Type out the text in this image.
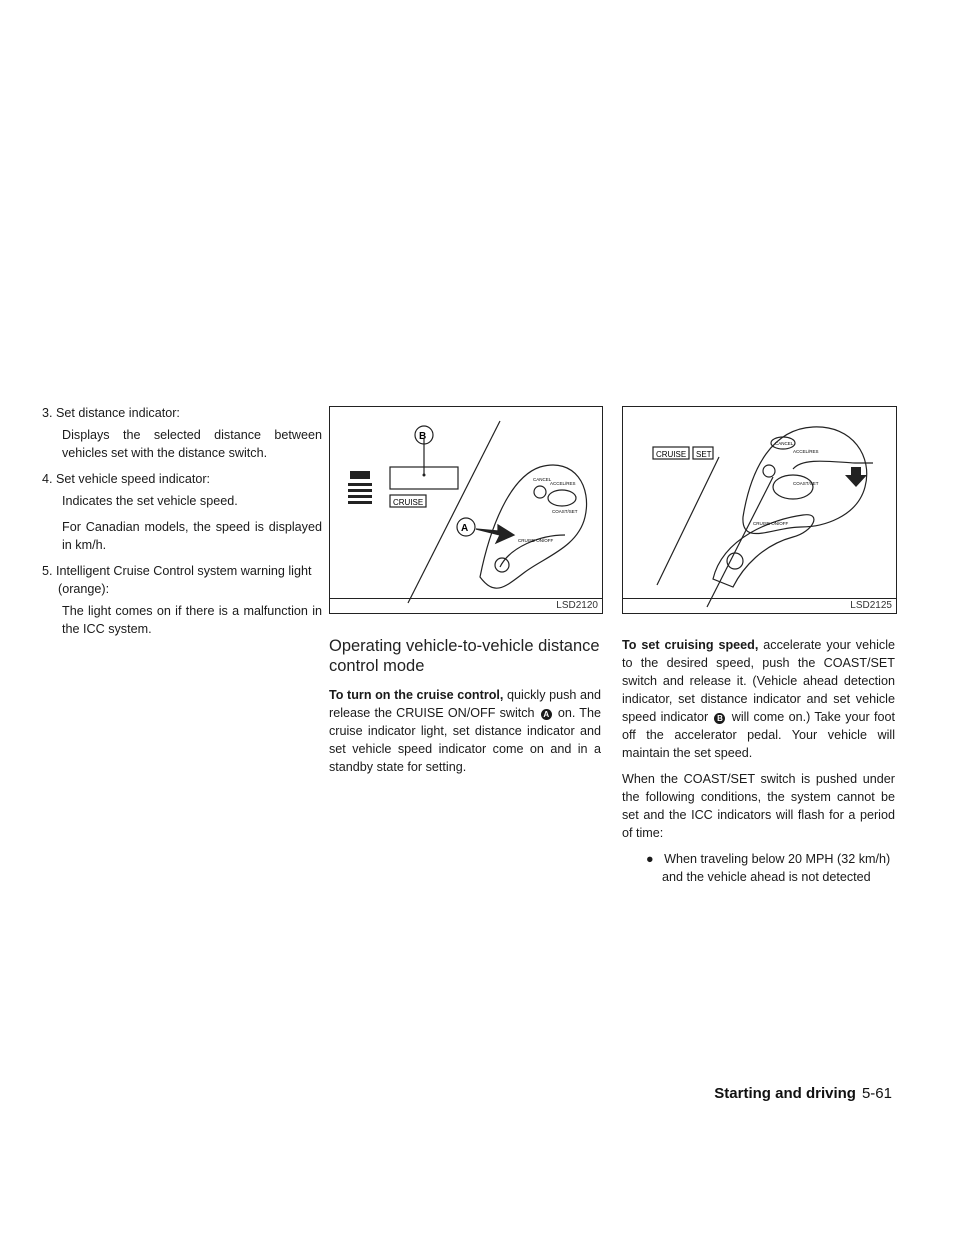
3. Set distance indicator:

Displays the selected distance between vehicles set with the distance switch.

4. Set vehicle speed indicator:

Indicates the set vehicle speed.

For Canadian models, the speed is displayed in km/h.

5. Intelligent Cruise Control system warning light (orange):

The light comes on if there is a malfunction in the ICC system.

B
A
CRUISE
CANCEL
ACCEL/RES
COAST/SET
CRUISE ON/OFF
LSD2120
CRUISE SET
CANCEL
ACCEL/RES
COAST/SET
CRUISE ON/OFF
LSD2125
Operating vehicle-to-vehicle distance control mode

To turn on the cruise control, quickly push and release the CRUISE ON/OFF switch A on. The cruise indicator light, set distance indicator and set vehicle speed indicator come on and in a standby state for setting.

To set cruising speed, accelerate your vehicle to the desired speed, push the COAST/SET switch and release it. (Vehicle ahead detection indicator, set distance indicator and set vehicle speed indicator B will come on.) Take your foot off the accelerator pedal. Your vehicle will maintain the set speed.

When the COAST/SET switch is pushed under the following conditions, the system cannot be set and the ICC indicators will flash for a period of time:

● When traveling below 20 MPH (32 km/h) and the vehicle ahead is not detected

Starting and driving 5-61
